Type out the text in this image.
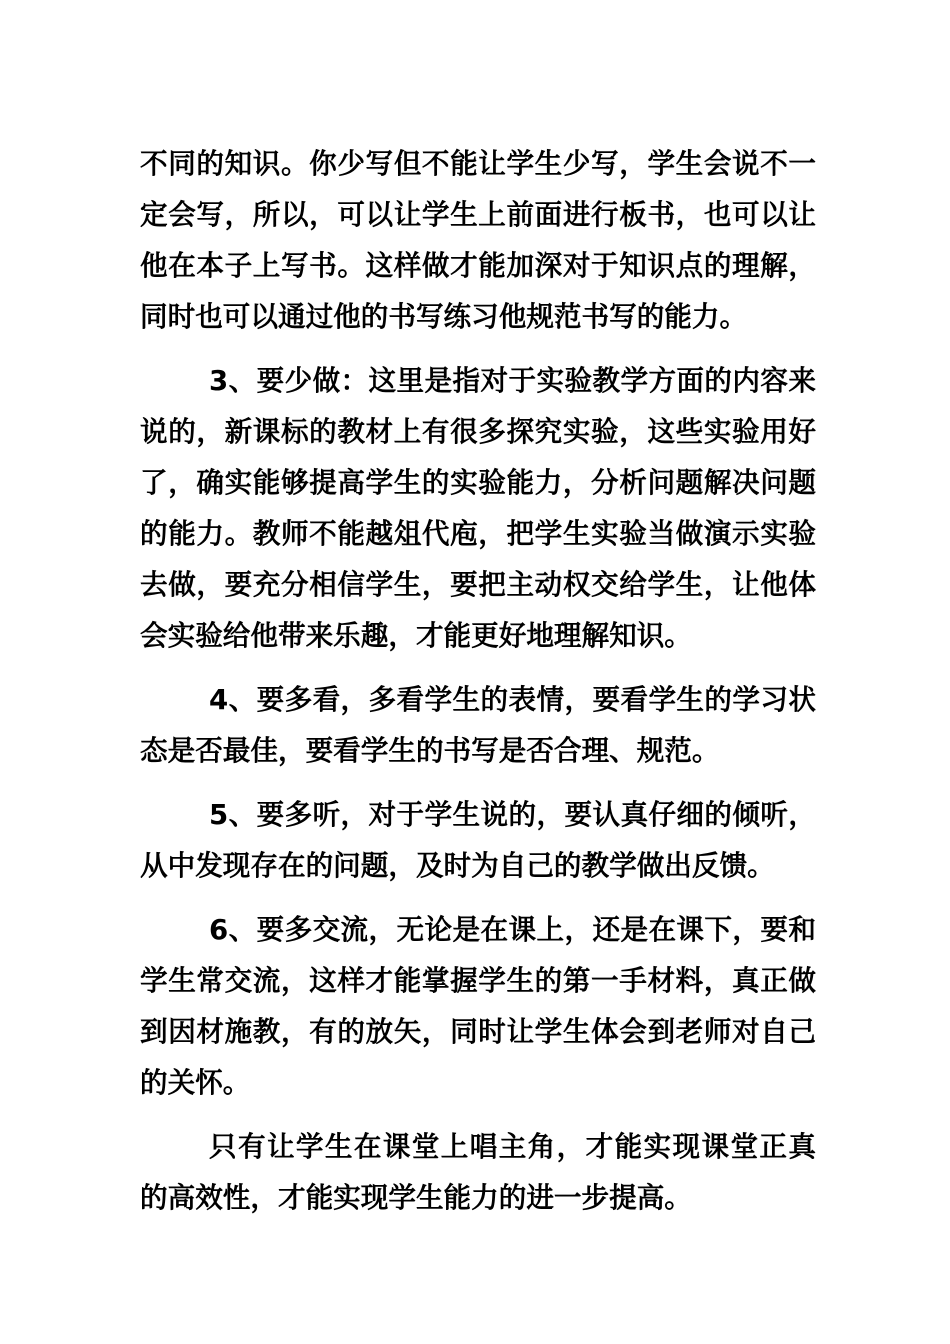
不同的知识。你少写但不能让学生少写，学生会说不一定会写，所以，可以让学生上前面进行板书，也可以让他在本子上写书。这样做才能加深对于知识点的理解，同时也可以通过他的书写练习他规范书写的能力。

3、要少做：这里是指对于实验教学方面的内容来说的，新课标的教材上有很多探究实验，这些实验用好了，确实能够提高学生的实验能力，分析问题解决问题的能力。教师不能越俎代庖，把学生实验当做演示实验去做，要充分相信学生，要把主动权交给学生，让他体会实验给他带来乐趣，才能更好地理解知识。

4、要多看，多看学生的表情，要看学生的学习状态是否最佳，要看学生的书写是否合理、规范。

5、要多听，对于学生说的，要认真仔细的倾听，从中发现存在的问题，及时为自己的教学做出反馈。

6、要多交流，无论是在课上，还是在课下，要和学生常交流，这样才能掌握学生的第一手材料，真正做到因材施教，有的放矢，同时让学生体会到老师对自己的关怀。

只有让学生在课堂上唱主角，才能实现课堂正真的高效性，才能实现学生能力的进一步提高。
